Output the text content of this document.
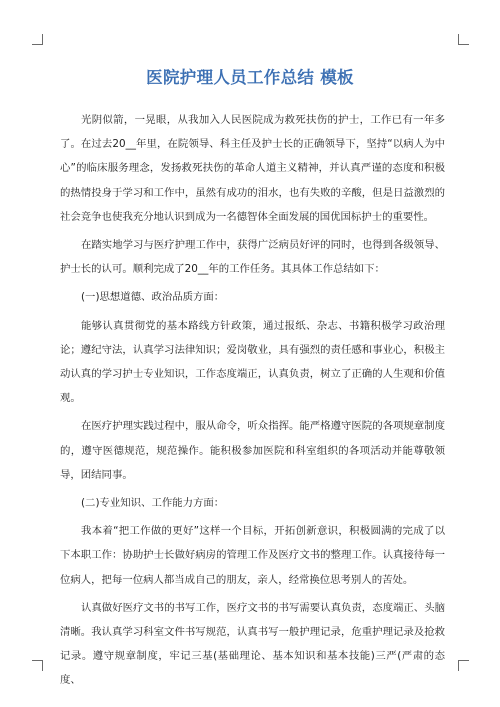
医院护理人员工作总结 模板

光阴似箭，一晃眼，从我加入人民医院成为救死扶伤的护士，工作已有一年多了。在过去20__年里，在院领导、科主任及护士长的正确领导下，坚持“以病人为中心”的临床服务理念，发扬救死扶伤的革命人道主义精神，并认真严谨的态度和积极的热情投身于学习和工作中，虽然有成功的泪水，也有失败的辛酸，但是日益激烈的社会竞争也使我充分地认识到成为一名德智体全面发展的国优国标护士的重要性。

在踏实地学习与医疗护理工作中，获得广泛病员好评的同时，也得到各级领导、护士长的认可。顺利完成了20__年的工作任务。其具体工作总结如下：

(一)思想道德、政治品质方面：

能够认真贯彻党的基本路线方针政策，通过报纸、杂志、书籍积极学习政治理论；遵纪守法，认真学习法律知识；爱岗敬业，具有强烈的责任感和事业心，积极主动认真的学习护士专业知识，工作态度端正，认真负责，树立了正确的人生观和价值观。

在医疗护理实践过程中，服从命令，听众指挥。能严格遵守医院的各项规章制度的，遵守医德规范，规范操作。能积极参加医院和科室组织的各项活动并能尊敬领导，团结同事。

(二)专业知识、工作能力方面：

我本着“把工作做的更好”这样一个目标，开拓创新意识，积极圆满的完成了以下本职工作：协助护士长做好病房的管理工作及医疗文书的整理工作。认真接待每一位病人，把每一位病人都当成自己的朋友，亲人，经常换位思考别人的苦处。

认真做好医疗文书的书写工作，医疗文书的书写需要认真负责，态度端正、头脑清晰。我认真学习科室文件书写规范，认真书写一般护理记录，危重护理记录及抢救记录。遵守规章制度，牢记三基(基础理论、基本知识和基本技能)三严(严肃的态度、
